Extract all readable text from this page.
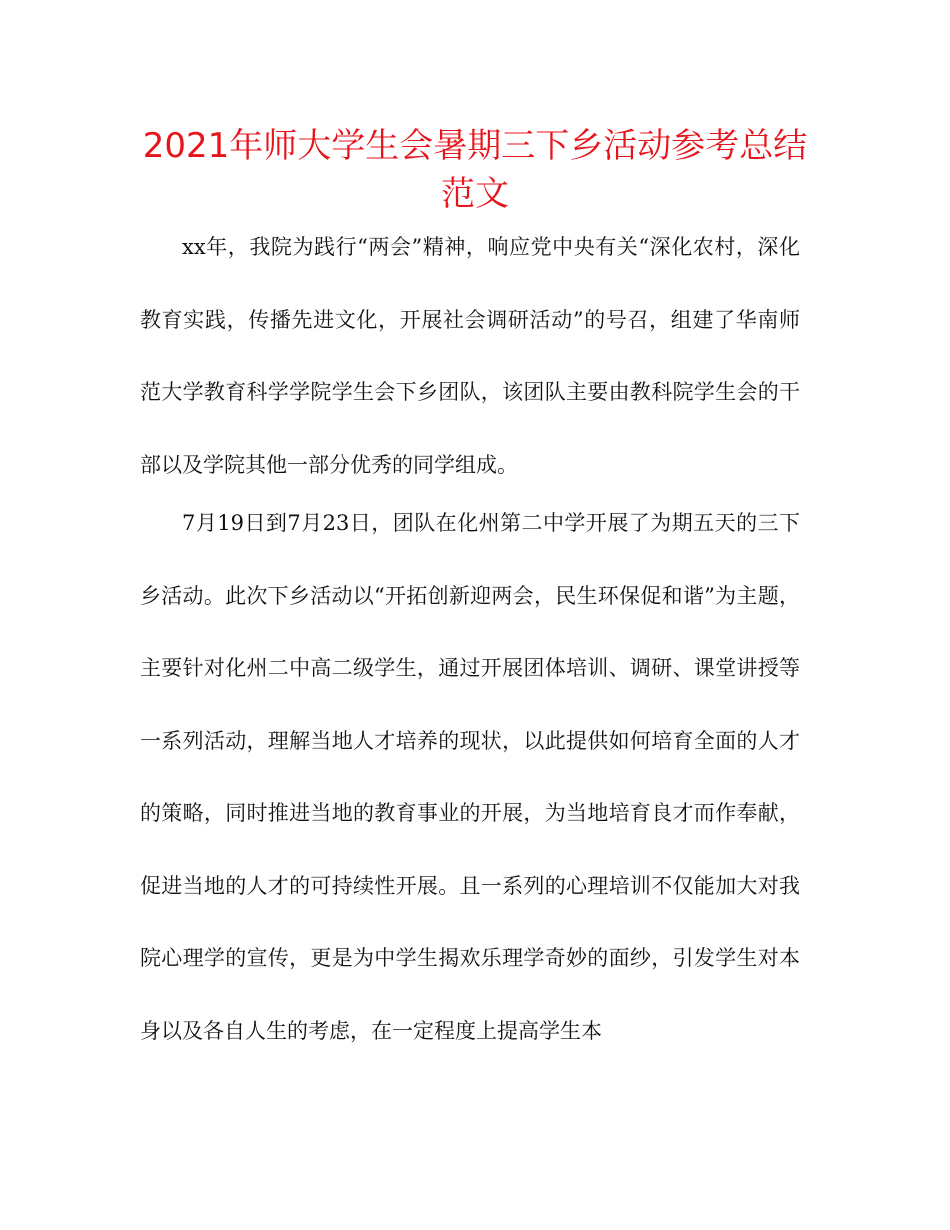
2021年师大学生会暑期三下乡活动参考总结范文

xx年，我院为践行“两会”精神，响应党中央有关“深化农村，深化教育实践，传播先进文化，开展社会调研活动”的号召，组建了华南师范大学教育科学学院学生会下乡团队，该团队主要由教科院学生会的干部以及学院其他一部分优秀的同学组成。

7月19日到7月23日，团队在化州第二中学开展了为期五天的三下乡活动。此次下乡活动以“开拓创新迎两会，民生环保促和谐”为主题，主要针对化州二中高二级学生，通过开展团体培训、调研、课堂讲授等一系列活动，理解当地人才培养的现状，以此提供如何培育全面的人才的策略，同时推进当地的教育事业的开展，为当地培育良才而作奉献，促进当地的人才的可持续性开展。且一系列的心理培训不仅能加大对我院心理学的宣传，更是为中学生揭欢乐理学奇妙的面纱，引发学生对本身以及各自人生的考虑，在一定程度上提高学生本
